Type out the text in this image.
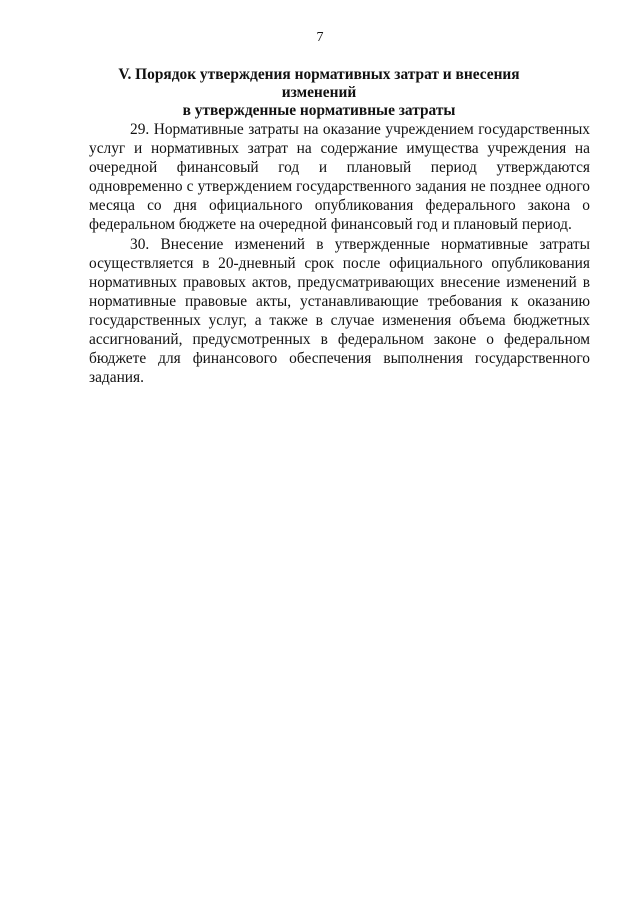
7
V. Порядок утверждения нормативных затрат и внесения изменений
в утвержденные нормативные затраты

29. Нормативные затраты на оказание учреждением государственных услуг и нормативных затрат на содержание имущества учреждения на очередной финансовый год и плановый период утверждаются одновременно с утверждением государственного задания не позднее одного месяца со дня официального опубликования федерального закона о федеральном бюджете на очередной финансовый год и плановый период.

30. Внесение изменений в утвержденные нормативные затраты осуществляется в 20-дневный срок после официального опубликования нормативных правовых актов, предусматривающих внесение изменений в нормативные правовые акты, устанавливающие требования к оказанию государственных услуг, а также в случае изменения объема бюджетных ассигнований, предусмотренных в федеральном законе о федеральном бюджете для финансового обеспечения выполнения государственного задания.
